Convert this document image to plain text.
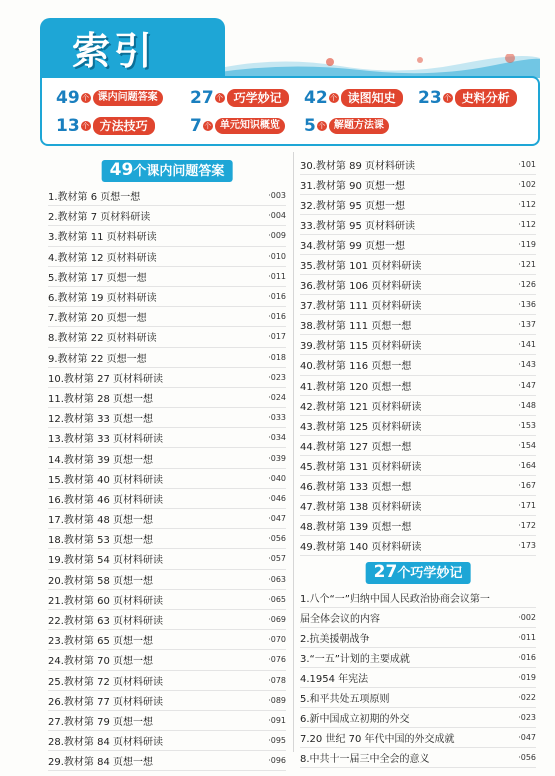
索引
49 个 课内问题答案 27 个 巧学妙记	42 个 读图知史	23 个 史料分析
13 个 方法技巧	7 个 单元知识概览 5 个 解题方法课
49个课内问题答案
1.教材第 6 页想一想	·003
2.教材第 7 页材料研读	·004
3.教材第 11 页材料研读	·009
4.教材第 12 页材料研读	·010
5.教材第 17 页想一想	·011
6.教材第 19 页材料研读	·016
7.教材第 20 页想一想	·016
8.教材第 22 页材料研读	·017
9.教材第 22 页想一想	·018
10.教材第 27 页材料研读	·023
11.教材第 28 页想一想	·024
12.教材第 33 页想一想	·033
13.教材第 33 页材料研读	·034
14.教材第 39 页想一想	·039
15.教材第 40 页材料研读	·040
16.教材第 46 页材料研读	·046
17.教材第 48 页想一想	·047
18.教材第 53 页想一想	·056
19.教材第 54 页材料研读	·057
20.教材第 58 页想一想	·063
21.教材第 60 页材料研读	·065
22.教材第 63 页材料研读	·069
23.教材第 65 页想一想	·070
24.教材第 70 页想一想	·076
25.教材第 72 页材料研读	·078
26.教材第 77 页材料研读	·089
27.教材第 79 页想一想	·091
28.教材第 84 页材料研读	·095
29.教材第 84 页想一想	·096
30.教材第 89 页材料研读	·101
31.教材第 90 页想一想	·102
32.教材第 95 页想一想	·112
33.教材第 95 页材料研读	·112
34.教材第 99 页想一想	·119
35.教材第 101 页材料研读	·121
36.教材第 106 页材料研读	·126
37.教材第 111 页材料研读	·136
38.教材第 111 页想一想	·137
39.教材第 115 页材料研读	·141
40.教材第 116 页想一想	·143
41.教材第 120 页想一想	·147
42.教材第 121 页材料研读	·148
43.教材第 125 页材料研读	·153
44.教材第 127 页想一想	·154
45.教材第 131 页材料研读	·164
46.教材第 133 页想一想	·167
47.教材第 138 页材料研读	·171
48.教材第 139 页想一想	·172
49.教材第 140 页材料研读	·173
27个巧学妙记
1.八个“一”归纳中国人民政治协商会议第一
届全体会议的内容	·002
2.抗美援朝战争	·011
3.“一五”计划的主要成就	·016
4.1954 年宪法	·019
5.和平共处五项原则	·022
6.新中国成立初期的外交	·023
7.20 世纪 70 年代中国的外交成就	·047
8.中共十一届三中全会的意义	·056
